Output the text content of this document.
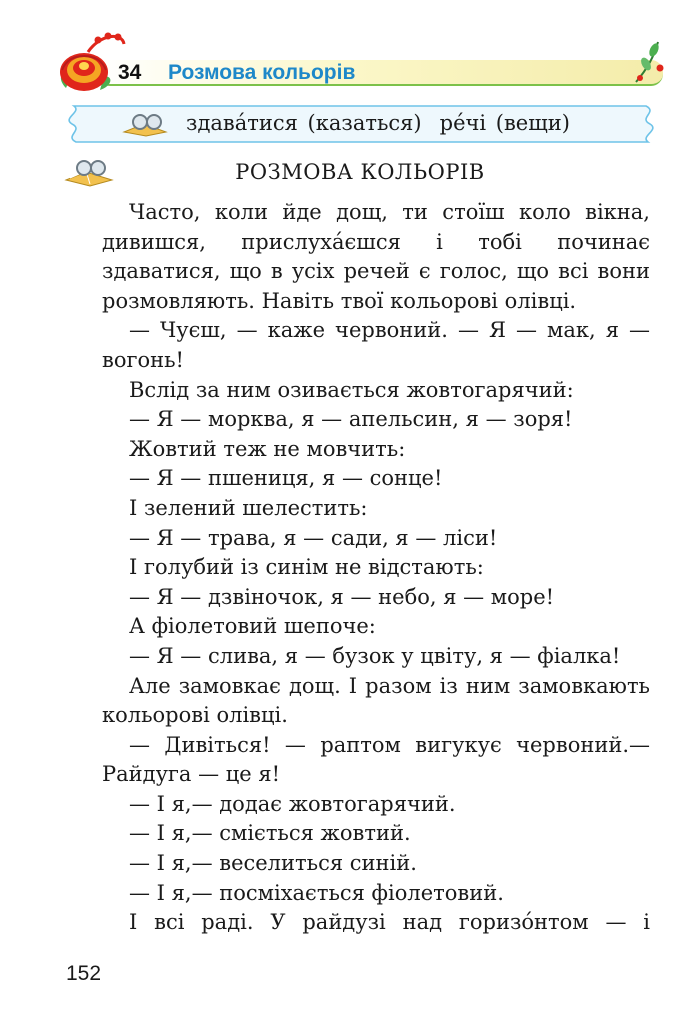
34 Розмова кольорів
здава́тися (казаться) ре́чі (вещи)
РОЗМОВА КОЛЬОРІВ

Часто, коли йде дощ, ти стоїш коло вікна, дивишся, прислуха́єшся і тобі починає здаватися, що в усіх речей є голос, що всі вони розмовляють. Навіть твої кольорові олівці.

— Чуєш, — каже червоний. — Я — мак, я — вогонь!

Вслід за ним озивається жовтогарячий:

— Я — морква, я — апельсин, я — зоря!

Жовтий теж не мовчить:

— Я — пшениця, я — сонце!

І зелений шелестить:

— Я — трава, я — сади, я — ліси!

І голубий із синім не відстають:

— Я — дзвіночок, я — небо, я — море!

А фіолетовий шепоче:

— Я — слива, я — бузок у цвіту, я — фіалка!

Але замовкає дощ. І разом із ним замовкають кольорові олівці.

— Дивіться! — раптом вигукує червоний.— Райдуга — це я!

— І я,— додає жовтогарячий.

— І я,— сміється жовтий.

— І я,— веселиться синій.

— І я,— посміхається фіолетовий.

І всі раді. У райдузі над горизо́нтом — і

152
